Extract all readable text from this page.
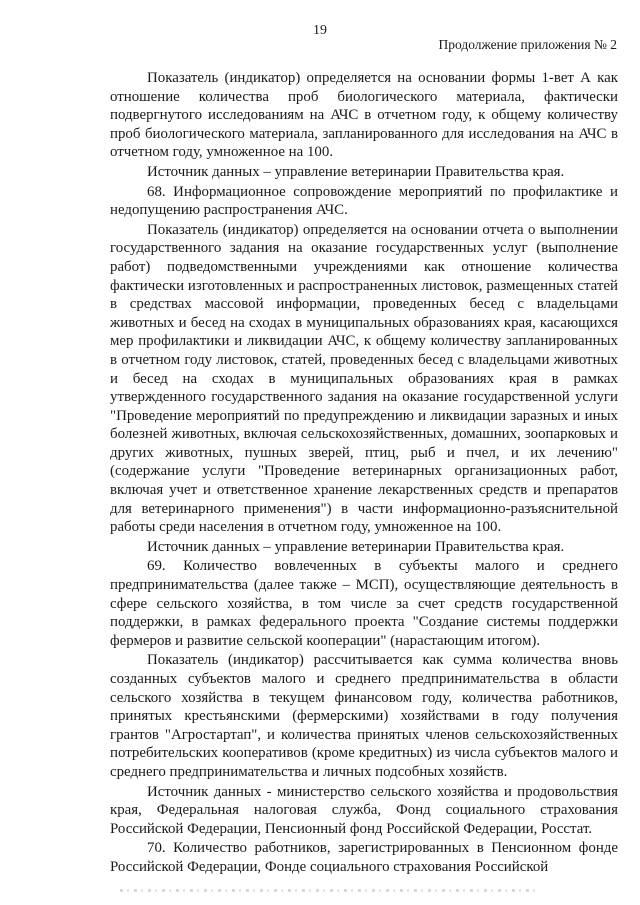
19
Продолжение приложения № 2

Показатель (индикатор) определяется на основании формы 1-вет А как отношение количества проб биологического материала, фактически подвергнутого исследованиям на АЧС в отчетном году, к общему количеству проб биологического материала, запланированного для исследования на АЧС в отчетном году, умноженное на 100.

Источник данных – управление ветеринарии Правительства края.

68. Информационное сопровождение мероприятий по профилактике и недопущению распространения АЧС.

Показатель (индикатор) определяется на основании отчета о выполнении государственного задания на оказание государственных услуг (выполнение работ) подведомственными учреждениями как отношение количества фактически изготовленных и распространенных листовок, размещенных статей в средствах массовой информации, проведенных бесед с владельцами животных и бесед на сходах в муниципальных образованиях края, касающихся мер профилактики и ликвидации АЧС, к общему количеству запланированных в отчетном году листовок, статей, проведенных бесед с владельцами животных и бесед на сходах в муниципальных образованиях края в рамках утвержденного государственного задания на оказание государственной услуги "Проведение мероприятий по предупреждению и ликвидации заразных и иных болезней животных, включая сельскохозяйственных, домашних, зоопарковых и других животных, пушных зверей, птиц, рыб и пчел, и их лечению" (содержание услуги "Проведение ветеринарных организационных работ, включая учет и ответственное хранение лекарственных средств и препаратов для ветеринарного применения") в части информационно-разъяснительной работы среди населения в отчетном году, умноженное на 100.

Источник данных – управление ветеринарии Правительства края.

69. Количество вовлеченных в субъекты малого и среднего предпринимательства (далее также – МСП), осуществляющие деятельность в сфере сельского хозяйства, в том числе за счет средств государственной поддержки, в рамках федерального проекта "Создание системы поддержки фермеров и развитие сельской кооперации" (нарастающим итогом).

Показатель (индикатор) рассчитывается как сумма количества вновь созданных субъектов малого и среднего предпринимательства в области сельского хозяйства в текущем финансовом году, количества работников, принятых крестьянскими (фермерскими) хозяйствами в году получения грантов "Агростартап", и количества принятых членов сельскохозяйственных потребительских кооперативов (кроме кредитных) из числа субъектов малого и среднего предпринимательства и личных подсобных хозяйств.

Источник данных - министерство сельского хозяйства и продовольствия края, Федеральная налоговая служба, Фонд социального страхования Российской Федерации, Пенсионный фонд Российской Федерации, Росстат.

70. Количество работников, зарегистрированных в Пенсионном фонде Российской Федерации, Фонде социального страхования Российской
